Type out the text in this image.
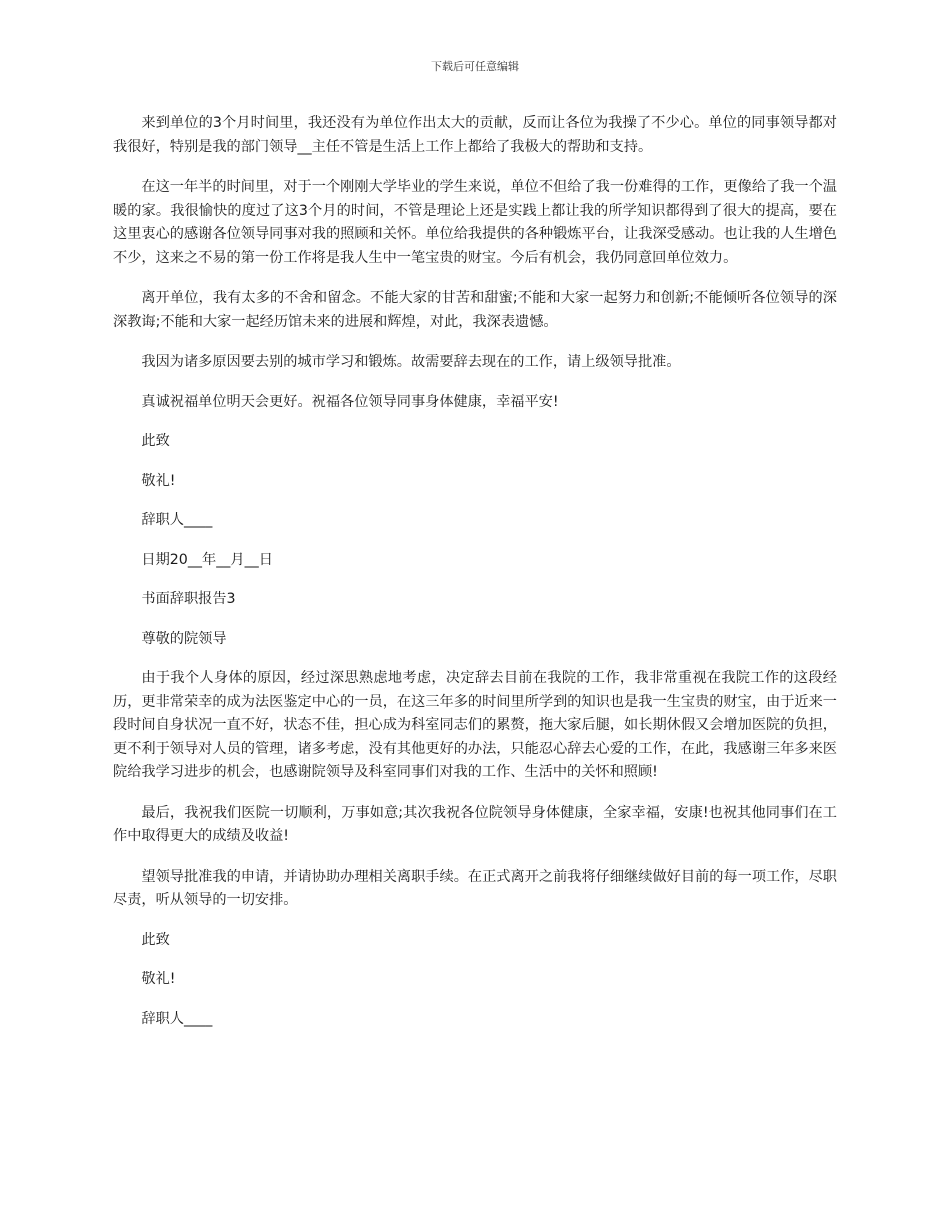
下载后可任意编辑

来到单位的3个月时间里，我还没有为单位作出太大的贡献，反而让各位为我操了不少心。单位的同事领导都对我很好，特别是我的部门领导__主任不管是生活上工作上都给了我极大的帮助和支持。

在这一年半的时间里，对于一个刚刚大学毕业的学生来说，单位不但给了我一份难得的工作，更像给了我一个温暖的家。我很愉快的度过了这3个月的时间，不管是理论上还是实践上都让我的所学知识都得到了很大的提高，要在这里衷心的感谢各位领导同事对我的照顾和关怀。单位给我提供的各种锻炼平台，让我深受感动。也让我的人生增色不少，这来之不易的第一份工作将是我人生中一笔宝贵的财宝。今后有机会，我仍同意回单位效力。

离开单位，我有太多的不舍和留念。不能大家的甘苦和甜蜜;不能和大家一起努力和创新;不能倾听各位领导的深深教诲;不能和大家一起经历馆未来的进展和辉煌，对此，我深表遗憾。

我因为诸多原因要去别的城市学习和锻炼。故需要辞去现在的工作，请上级领导批准。

真诚祝福单位明天会更好。祝福各位领导同事身体健康，幸福平安!

此致

敬礼!

辞职人____

日期20__年__月__日

书面辞职报告3

尊敬的院领导

由于我个人身体的原因，经过深思熟虑地考虑，决定辞去目前在我院的工作，我非常重视在我院工作的这段经历，更非常荣幸的成为法医鉴定中心的一员，在这三年多的时间里所学到的知识也是我一生宝贵的财宝，由于近来一段时间自身状况一直不好，状态不佳，担心成为科室同志们的累赘，拖大家后腿，如长期休假又会增加医院的负担，更不利于领导对人员的管理，诸多考虑，没有其他更好的办法，只能忍心辞去心爱的工作，在此，我感谢三年多来医院给我学习进步的机会，也感谢院领导及科室同事们对我的工作、生活中的关怀和照顾!

最后，我祝我们医院一切顺利，万事如意;其次我祝各位院领导身体健康，全家幸福，安康!也祝其他同事们在工作中取得更大的成绩及收益!

望领导批准我的申请，并请协助办理相关离职手续。在正式离开之前我将仔细继续做好目前的每一项工作，尽职尽责，听从领导的一切安排。

此致

敬礼!

辞职人____
